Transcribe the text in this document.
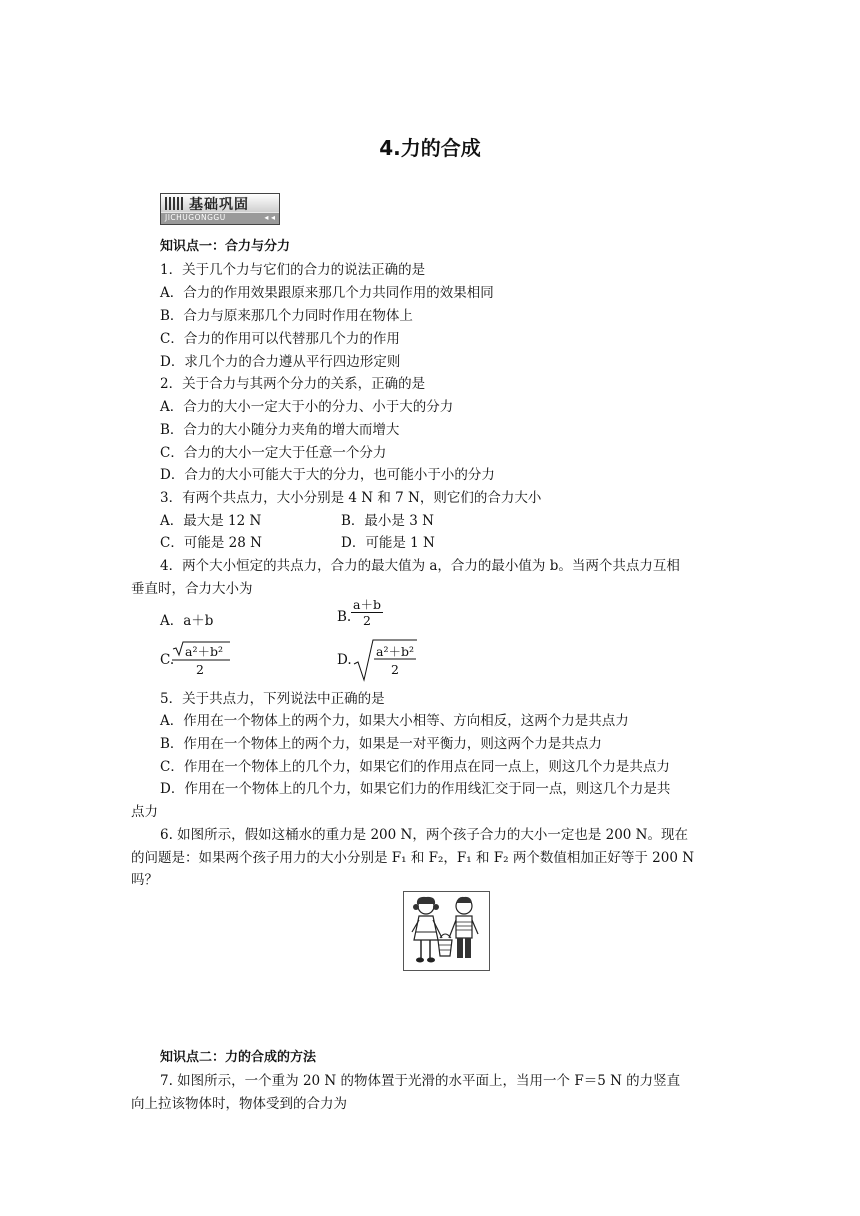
4.力的合成
基础巩固
JICHUGONGGU	◂ ◂
知识点一：合力与分力
1．关于几个力与它们的合力的说法正确的是
A．合力的作用效果跟原来那几个力共同作用的效果相同
B．合力与原来那几个力同时作用在物体上
C．合力的作用可以代替那几个力的作用
D．求几个力的合力遵从平行四边形定则
2．关于合力与其两个分力的关系，正确的是
A．合力的大小一定大于小的分力、小于大的分力
B．合力的大小随分力夹角的增大而增大
C．合力的大小一定大于任意一个分力
D．合力的大小可能大于大的分力，也可能小于小的分力
3．有两个共点力，大小分别是 4 N 和 7 N，则它们的合力大小
A．最大是 12 N	B．最小是 3 N
C．可能是 28 N	D．可能是 1 N
4．两个大小恒定的共点力，合力的最大值为 a，合力的最小值为 b。当两个共点力互相
垂直时，合力大小为
A．a＋b	B. $\frac{a+b}{2}$
C.
a²＋b²
2
D.
a²＋b²
2
5．关于共点力，下列说法中正确的是
A．作用在一个物体上的两个力，如果大小相等、方向相反，这两个力是共点力
B．作用在一个物体上的两个力，如果是一对平衡力，则这两个力是共点力
C．作用在一个物体上的几个力，如果它们的作用点在同一点上，则这几个力是共点力
D．作用在一个物体上的几个力，如果它们力的作用线汇交于同一点，则这几个力是共
点力
6. 如图所示，假如这桶水的重力是 200 N，两个孩子合力的大小一定也是 200 N。现在
的问题是：如果两个孩子用力的大小分别是 F₁ 和 F₂，F₁ 和 F₂ 两个数值相加正好等于 200 N
吗？
知识点二：力的合成的方法
7. 如图所示，一个重为 20 N 的物体置于光滑的水平面上，当用一个 F＝5 N 的力竖直
向上拉该物体时，物体受到的合力为
